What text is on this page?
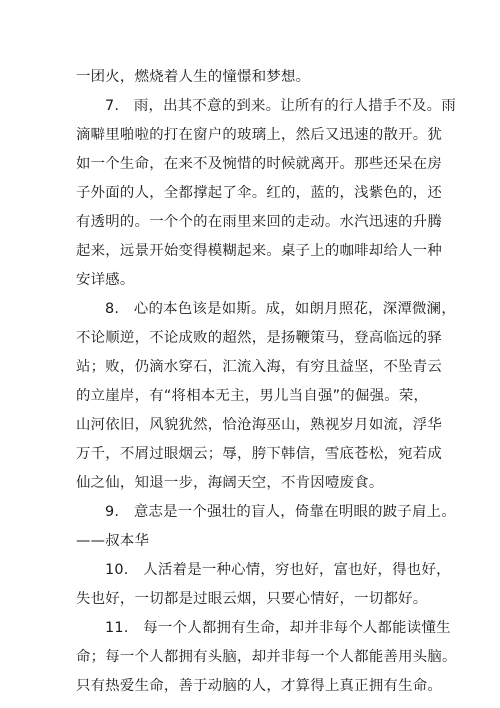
一团火，燃烧着人生的憧憬和梦想。
7.　雨，出其不意的到来。让所有的行人措手不及。雨
滴噼里啪啦的打在窗户的玻璃上，然后又迅速的散开。犹
如一个生命，在来不及惋惜的时候就离开。那些还呆在房
子外面的人，全都撑起了伞。红的，蓝的，浅紫色的，还
有透明的。一个个的在雨里来回的走动。水汽迅速的升腾
起来，远景开始变得模糊起来。桌子上的咖啡却给人一种
安详感。
8.　心的本色该是如斯。成，如朗月照花，深潭微澜，
不论顺逆，不论成败的超然，是扬鞭策马，登高临远的驿
站；败，仍滴水穿石，汇流入海，有穷且益坚，不坠青云
的立崖岸，有“将相本无主，男儿当自强”的倔强。荣，
山河依旧，风貌犹然，恰沧海巫山，熟视岁月如流，浮华
万千，不屑过眼烟云；辱，胯下韩信，雪底苍松，宛若成
仙之仙，知退一步，海阔天空，不肯因噎废食。
9.　意志是一个强壮的盲人，倚靠在明眼的跛子肩上。
——叔本华
10.　人活着是一种心情，穷也好，富也好，得也好，
失也好，一切都是过眼云烟，只要心情好，一切都好。
11.　每一个人都拥有生命，却并非每个人都能读懂生
命；每一个人都拥有头脑，却并非每一个人都能善用头脑。
只有热爱生命，善于动脑的人，才算得上真正拥有生命。
